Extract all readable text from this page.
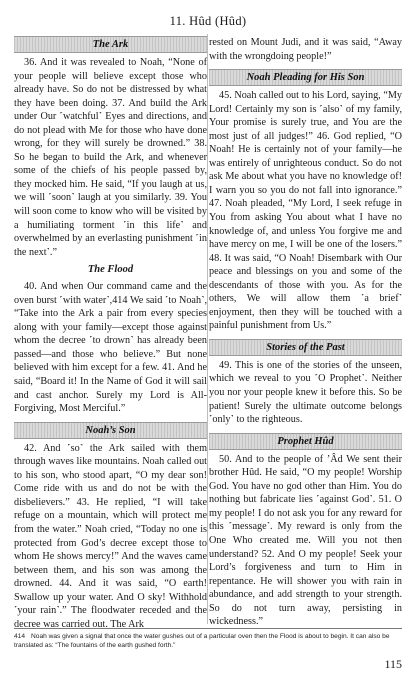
11. Hûd (Hûd)
The Ark

36. And it was revealed to Noah, “None of your people will believe except those who already have. So do not be distressed by what they have been doing. 37. And build the Ark under Our ˹watchful˺ Eyes and directions, and do not plead with Me for those who have done wrong, for they will surely be drowned.” 38. So he began to build the Ark, and whenever some of the chiefs of his people passed by, they mocked him. He said, “If you laugh at us, we will ˹soon˺ laugh at you similarly. 39. You will soon come to know who will be visited by a humiliating torment ˹in this life˺ and overwhelmed by an everlasting punishment ˹in the next˺.”

The Flood

40. And when Our command came and the oven burst ˹with water˺,414 We said ˹to Noah˺, “Take into the Ark a pair from every species along with your family—except those against whom the decree ˹to drown˺ has already been passed—and those who believe.” But none believed with him except for a few. 41. And he said, “Board it! In the Name of God it will sail and cast anchor. Surely my Lord is All-Forgiving, Most Merciful.”

Noah’s Son

42. And ˹so˺ the Ark sailed with them through waves like mountains. Noah called out to his son, who stood apart, “O my dear son! Come ride with us and do not be with the disbelievers.” 43. He replied, “I will take refuge on a mountain, which will protect me from the water.” Noah cried, “Today no one is protected from God’s decree except those to whom He shows mercy!” And the waves came between them, and his son was among the drowned. 44. And it was said, “O earth! Swallow up your water. And O sky! Withhold ˹your rain˺.” The floodwater receded and the decree was carried out. The Ark

rested on Mount Judi, and it was said, “Away with the wrongdoing people!”

Noah Pleading for His Son

45. Noah called out to his Lord, saying, “My Lord! Certainly my son is ˹also˺ of my family, Your promise is surely true, and You are the most just of all judges!” 46. God replied, “O Noah! He is certainly not of your family—he was entirely of unrighteous conduct. So do not ask Me about what you have no knowledge of! I warn you so you do not fall into ignorance.” 47. Noah pleaded, “My Lord, I seek refuge in You from asking You about what I have no knowledge of, and unless You forgive me and have mercy on me, I will be one of the losers.” 48. It was said, “O Noah! Disembark with Our peace and blessings on you and some of the descendants of those with you. As for the others, We will allow them ˹a brief˺ enjoyment, then they will be touched with a painful punishment from Us.”

Stories of the Past

49. This is one of the stories of the unseen, which we reveal to you ˹O Prophet˺. Neither you nor your people knew it before this. So be patient! Surely the ultimate outcome belongs ˹only˺ to the righteous.

Prophet Hûd

50. And to the people of ’Âd We sent their brother Hûd. He said, “O my people! Worship God. You have no god other than Him. You do nothing but fabricate lies ˹against God˺. 51. O my people! I do not ask you for any reward for this ˹message˺. My reward is only from the One Who created me. Will you not then understand? 52. And O my people! Seek your Lord’s forgiveness and turn to Him in repentance. He will shower you with rain in abundance, and add strength to your strength. So do not turn away, persisting in wickedness.”

414 Noah was given a signal that once the water gushes out of a particular oven then the Flood is about to begin. It can also be translated as: “The fountains of the earth gushed forth.”
115
